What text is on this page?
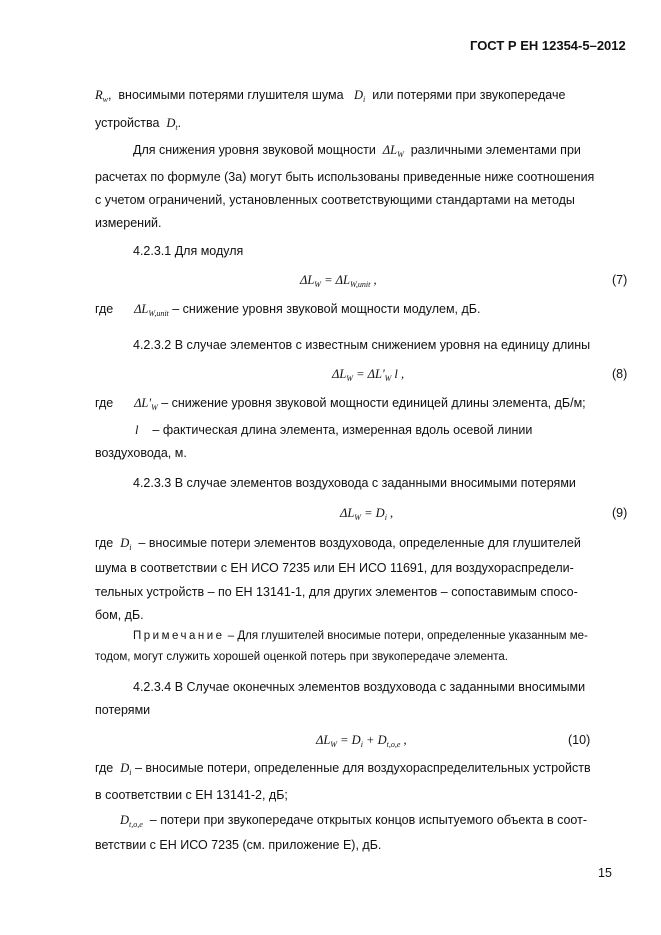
ГОСТ Р ЕН 12354-5–2012
$R_w$,  вносимыми потерями глушителя шума $D_i$ или потерями при звукопередаче
устройства $D_t$.
Для снижения уровня звуковой мощности $\Delta L_W$ различными элементами при
расчетах по формуле (3а) могут быть использованы приведенные ниже соотношения
с учетом ограничений, установленных соответствующими стандартами на методы
измерений.
4.2.3.1 Для модуля
$\Delta L_W = \Delta L_{W,unit}$ ,	(7)
где $\Delta L_{W,unit}$ – снижение уровня звуковой мощности модулем, дБ.
4.2.3.2 В случае элементов с известным снижением уровня на единицу длины
$\Delta L_W = \Delta L'_W$ l ,	(8)
где $\Delta L'_W$ – снижение уровня звуковой мощности единицей длины элемента, дБ/м;
l – фактическая длина элемента, измеренная вдоль осевой линии
воздуховода, м.
4.2.3.3 В случае элементов воздуховода с заданными вносимыми потерями
$\Delta L_W = D_i$ ,	(9)
где $D_i$ – вносимые потери элементов воздуховода, определенные для глушителей
шума в соответствии с ЕН ИСО 7235 или ЕН ИСО 11691, для воздухораспредели-
тельных устройств – по ЕН 13141-1, для других элементов – сопоставимым спосо-
бом, дБ.
Примечание – Для глушителей вносимые потери, определенные указанным ме-
тодом, могут служить хорошей оценкой потерь при звукопередаче элемента.
4.2.3.4 В Случае оконечных элементов воздуховода с заданными вносимыми
потерями
$\Delta L_W = D_i + D_{t,o,e}$ ,	(10)
где $D_i$ – вносимые потери, определенные для воздухораспределительных устройств
в соответствии с ЕН 13141-2, дБ;
$D_{t,o,e}$ – потери при звукопередаче открытых концов испытуемого объекта в соот-
ветствии с ЕН ИСО 7235 (см. приложение E), дБ.
15
